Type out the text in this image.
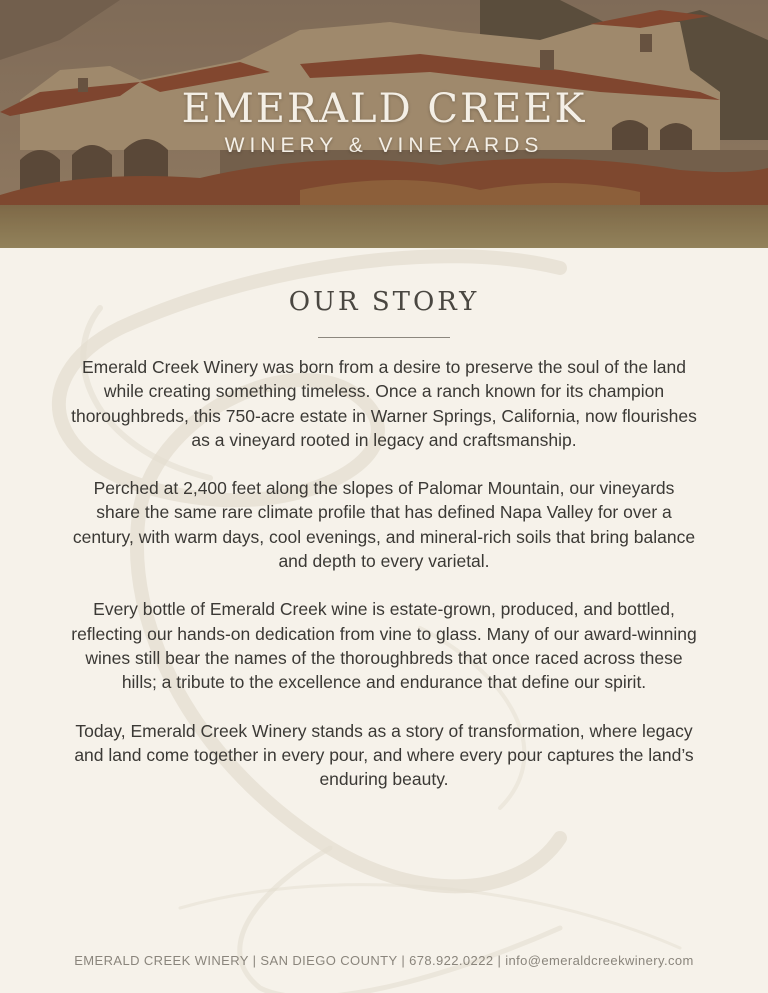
EMERALD CREEK
WINERY & VINEYARDS
OUR STORY

Emerald Creek Winery was born from a desire to preserve the soul of the land while creating something timeless. Once a ranch known for its champion thoroughbreds, this 750-acre estate in Warner Springs, California, now flourishes as a vineyard rooted in legacy and craftsmanship.

Perched at 2,400 feet along the slopes of Palomar Mountain, our vineyards share the same rare climate profile that has defined Napa Valley for over a century, with warm days, cool evenings, and mineral-rich soils that bring balance and depth to every varietal.

Every bottle of Emerald Creek wine is estate-grown, produced, and bottled, reflecting our hands-on dedication from vine to glass. Many of our award-winning wines still bear the names of the thoroughbreds that once raced across these hills; a tribute to the excellence and endurance that define our spirit.

Today, Emerald Creek Winery stands as a story of transformation, where legacy and land come together in every pour, and where every pour captures the land’s enduring beauty.

EMERALD CREEK WINERY | SAN DIEGO COUNTY | 678.922.0222 | info@emeraldcreekwinery.com
